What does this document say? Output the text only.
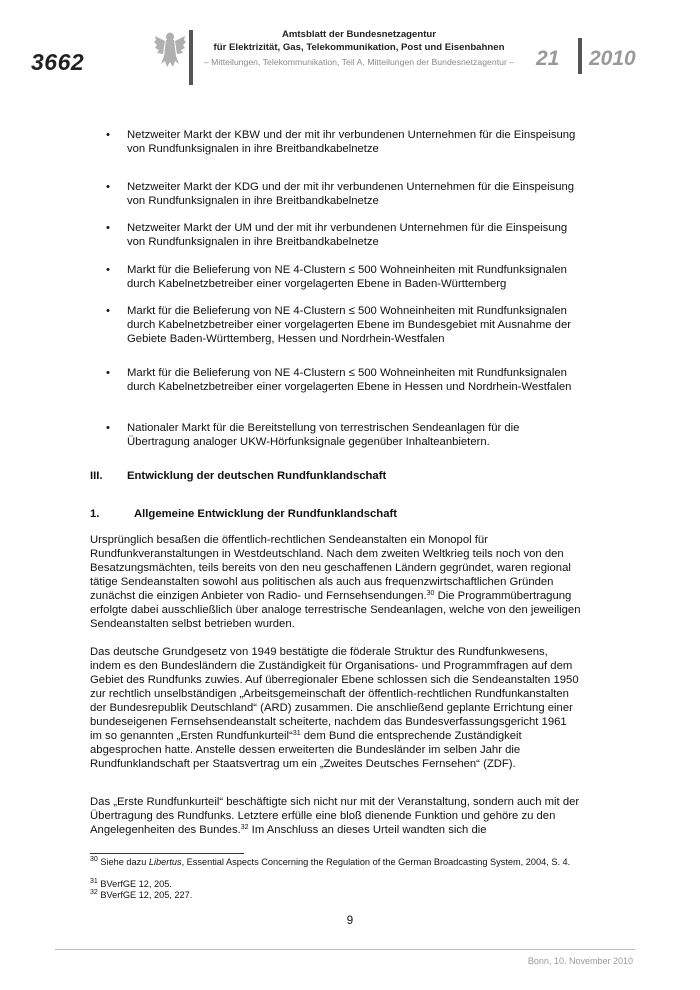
3662
Amtsblatt der Bundesnetzagentur
für Elektrizität, Gas, Telekommunikation, Post und Eisenbahnen
– Mitteilungen, Telekommunikation, Teil A, Mitteilungen der Bundesnetzagentur –	21 2010
• Netzweiter Markt der KBW und der mit ihr verbundenen Unternehmen für die Einspeisung von Rundfunksignalen in ihre Breitbandkabelnetze
• Netzweiter Markt der KDG und der mit ihr verbundenen Unternehmen für die Einspeisung von Rundfunksignalen in ihre Breitbandkabelnetze
• Netzweiter Markt der UM und der mit ihr verbundenen Unternehmen für die Einspeisung von Rundfunksignalen in ihre Breitbandkabelnetze
• Markt für die Belieferung von NE 4-Clustern ≤ 500 Wohneinheiten mit Rundfunksignalen durch Kabelnetzbetreiber einer vorgelagerten Ebene in Baden-Württemberg
• Markt für die Belieferung von NE 4-Clustern ≤ 500 Wohneinheiten mit Rundfunksignalen durch Kabelnetzbetreiber einer vorgelagerten Ebene im Bundesgebiet mit Ausnahme der Gebiete Baden-Württemberg, Hessen und Nordrhein-Westfalen
• Markt für die Belieferung von NE 4-Clustern ≤ 500 Wohneinheiten mit Rundfunksignalen durch Kabelnetzbetreiber einer vorgelagerten Ebene in Hessen und Nordrhein-Westfalen
• Nationaler Markt für die Bereitstellung von terrestrischen Sendeanlagen für die Übertragung analoger UKW-Hörfunksignale gegenüber Inhalteanbietern.
III. Entwicklung der deutschen Rundfunklandschaft
1.	Allgemeine Entwicklung der Rundfunklandschaft
Ursprünglich besaßen die öffentlich-rechtlichen Sendeanstalten ein Monopol für Rundfunkveranstaltungen in Westdeutschland. Nach dem zweiten Weltkrieg teils noch von den Besatzungsmächten, teils bereits von den neu geschaffenen Ländern gegründet, waren regional tätige Sendeanstalten sowohl aus politischen als auch aus frequenzwirtschaftlichen Gründen zunächst die einzigen Anbieter von Radio- und Fernsehsendungen.$^{30}$ Die Programmübertragung erfolgte dabei ausschließlich über analoge terrestrische Sendeanlagen, welche von den jeweiligen Sendeanstalten selbst betrieben wurden.
Das deutsche Grundgesetz von 1949 bestätigte die föderale Struktur des Rundfunkwesens, indem es den Bundesländern die Zuständigkeit für Organisations- und Programmfragen auf dem Gebiet des Rundfunks zuwies. Auf überregionaler Ebene schlossen sich die Sendeanstalten 1950 zur rechtlich unselbständigen „Arbeitsgemeinschaft der öffentlich-rechtlichen Rundfunkanstalten der Bundesrepublik Deutschland“ (ARD) zusammen. Die anschließend geplante Errichtung einer bundeseigenen Fernsehsendeanstalt scheiterte, nachdem das Bundesverfassungsgericht 1961 im so genannten „Ersten Rundfunkurteil“$^{31}$ dem Bund die entsprechende Zuständigkeit abgesprochen hatte. Anstelle dessen erweiterten die Bundesländer im selben Jahr die Rundfunklandschaft per Staatsvertrag um ein „Zweites Deutsches Fernsehen“ (ZDF).
Das „Erste Rundfunkurteil“ beschäftigte sich nicht nur mit der Veranstaltung, sondern auch mit der Übertragung des Rundfunks. Letztere erfülle eine bloß dienende Funktion und gehöre zu den Angelegenheiten des Bundes.$^{32}$ Im Anschluss an dieses Urteil wandten sich die
$^{30}$ Siehe dazu Libertus, Essential Aspects Concerning the Regulation of the German Broadcasting System, 2004, S. 4.
$^{31}$ BVerfGE 12, 205.
$^{32}$ BVerfGE 12, 205, 227.
9
Bonn, 10. November 2010
